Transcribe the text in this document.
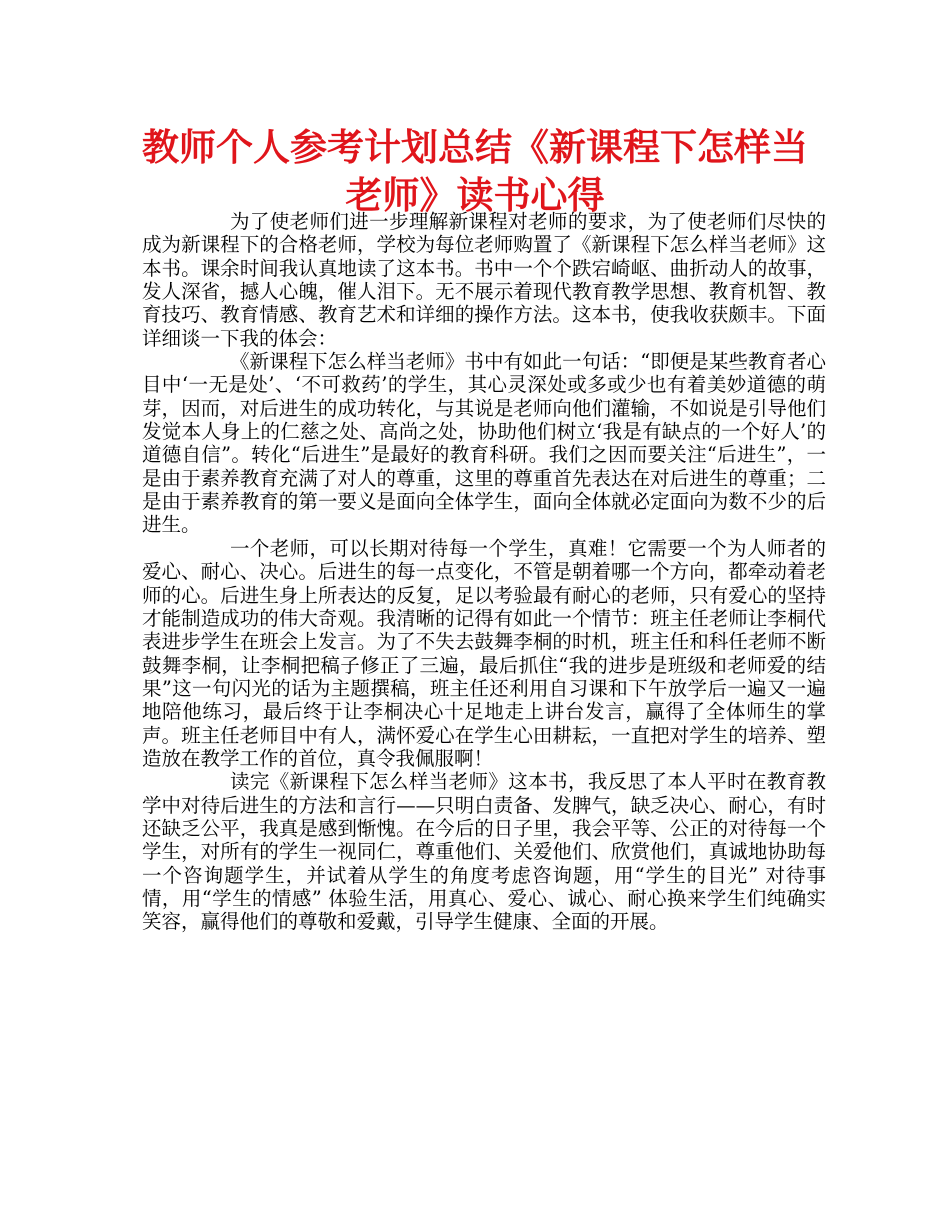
教师个人参考计划总结《新课程下怎样当老师》读书心得

为了使老师们进一步理解新课程对老师的要求，为了使老师们尽快的成为新课程下的合格老师，学校为每位老师购置了《新课程下怎么样当老师》这本书。课余时间我认真地读了这本书。书中一个个跌宕崎岖、曲折动人的故事，发人深省，撼人心魄，催人泪下。无不展示着现代教育教学思想、教育机智、教育技巧、教育情感、教育艺术和详细的操作方法。这本书，使我收获颇丰。下面详细谈一下我的体会：

《新课程下怎么样当老师》书中有如此一句话：“即便是某些教育者心目中‘一无是处’、‘不可救药’的学生，其心灵深处或多或少也有着美妙道德的萌芽，因而，对后进生的成功转化，与其说是老师向他们灌输，不如说是引导他们发觉本人身上的仁慈之处、高尚之处，协助他们树立‘我是有缺点的一个好人’的道德自信”。转化“后进生”是最好的教育科研。我们之因而要关注“后进生”，一是由于素养教育充满了对人的尊重，这里的尊重首先表达在对后进生的尊重；二是由于素养教育的第一要义是面向全体学生，面向全体就必定面向为数不少的后进生。

一个老师，可以长期对待每一个学生，真难！它需要一个为人师者的爱心、耐心、决心。后进生的每一点变化，不管是朝着哪一个方向，都牵动着老师的心。后进生身上所表达的反复，足以考验最有耐心的老师，只有爱心的坚持才能制造成功的伟大奇观。我清晰的记得有如此一个情节：班主任老师让李桐代表进步学生在班会上发言。为了不失去鼓舞李桐的时机，班主任和科任老师不断鼓舞李桐，让李桐把稿子修正了三遍，最后抓住“我的进步是班级和老师爱的结果”这一句闪光的话为主题撰稿，班主任还利用自习课和下午放学后一遍又一遍地陪他练习，最后终于让李桐决心十足地走上讲台发言，赢得了全体师生的掌声。班主任老师目中有人，满怀爱心在学生心田耕耘，一直把对学生的培养、塑造放在教学工作的首位，真令我佩服啊！

读完《新课程下怎么样当老师》这本书，我反思了本人平时在教育教学中对待后进生的方法和言行——只明白责备、发脾气，缺乏决心、耐心，有时还缺乏公平，我真是感到惭愧。在今后的日子里，我会平等、公正的对待每一个学生，对所有的学生一视同仁，尊重他们、关爱他们、欣赏他们，真诚地协助每一个咨询题学生，并试着从学生的角度考虑咨询题，用“学生的目光” 对待事情，用“学生的情感” 体验生活，用真心、爱心、诚心、耐心换来学生们纯确实笑容，赢得他们的尊敬和爱戴，引导学生健康、全面的开展。
